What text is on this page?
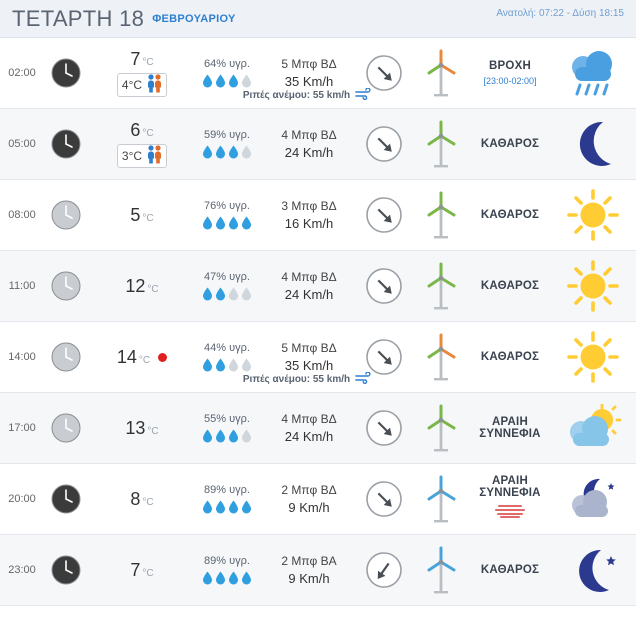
ΤΕΤΑΡΤΗ 18 ΦΕΒΡΟΥΑΡΙΟΥ	Ανατολή: 07:22 - Δύση 18:15
02:00
7 °C
4°C
64% υγρ.	5 Μπφ ΒΔ
35 Km/h
Ριπές ανέμου: 55 km/h
ΒΡΟΧΗ
[23:00-02:00]
05:00
6 °C
3°C
59% υγρ.	4 Μπφ ΒΔ
24 Km/h
ΚΑΘΑΡΟΣ
08:00	5 °C
76% υγρ.	3 Μπφ ΒΔ
16 Km/h
ΚΑΘΑΡΟΣ
11:00	12 °C
47% υγρ.	4 Μπφ ΒΔ
24 Km/h
ΚΑΘΑΡΟΣ
14:00	14 °C
44% υγρ.	5 Μπφ ΒΔ
35 Km/h
Ριπές ανέμου: 55 km/h
ΚΑΘΑΡΟΣ
17:00	13 °C
55% υγρ.	4 Μπφ ΒΔ
24 Km/h
ΑΡΑΙΗ ΣΥΝΝΕΦΙΑ
20:00	8 °C
89% υγρ.	2 Μπφ ΒΔ
9 Km/h
ΑΡΑΙΗ ΣΥΝΝΕΦΙΑ
23:00	7 °C
89% υγρ.	2 Μπφ ΒΑ
9 Km/h
ΚΑΘΑΡΟΣ
